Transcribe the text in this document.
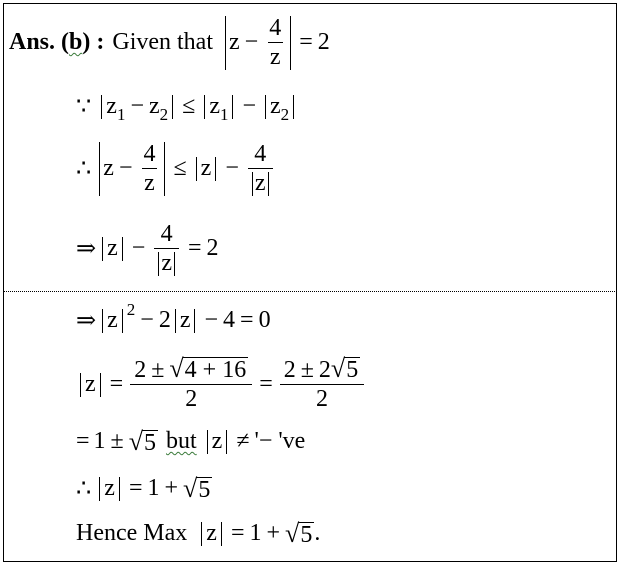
Ans. (b) : Given that $z - \frac{4}{z} = 2$
∵ z 1 − z 2 ≤ z 1 − z 2
∴ $z - \frac{4}{z} \le z - \frac{4}{z}$
⇒ $z - \frac{4}{z} = 2$
⇒ z 2 − 2 z − 4 = 0
$z = \frac{2 \pm √ 4 + 16}{2} = \frac{2 \pm 2 √ 5}{2}$
= 1 ± √ 5 but z ≠ '− 've
∴ z = 1 + √ 5
Hence Max z = 1 + √ 5 .
